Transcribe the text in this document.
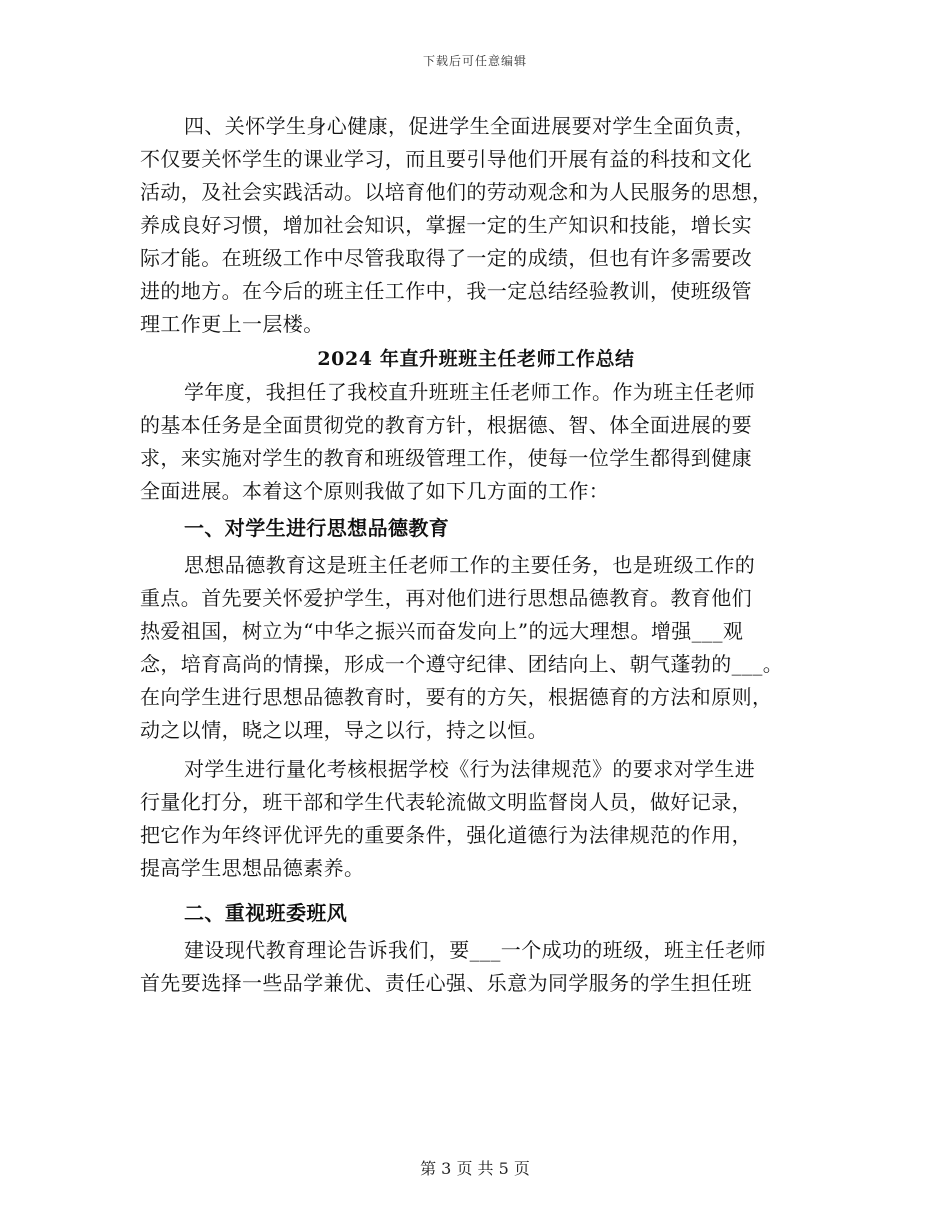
下载后可任意编辑
四、关怀学生身心健康，促进学生全面进展要对学生全面负责，
不仅要关怀学生的课业学习，而且要引导他们开展有益的科技和文化
活动，及社会实践活动。以培育他们的劳动观念和为人民服务的思想，
养成良好习惯，增加社会知识，掌握一定的生产知识和技能，增长实
际才能。在班级工作中尽管我取得了一定的成绩，但也有许多需要改
进的地方。在今后的班主任工作中，我一定总结经验教训，使班级管
理工作更上一层楼。
2024 年直升班班主任老师工作总结
学年度，我担任了我校直升班班主任老师工作。作为班主任老师
的基本任务是全面贯彻党的教育方针，根据德、智、体全面进展的要
求，来实施对学生的教育和班级管理工作，使每一位学生都得到健康
全面进展。本着这个原则我做了如下几方面的工作：
一、对学生进行思想品德教育
思想品德教育这是班主任老师工作的主要任务，也是班级工作的
重点。首先要关怀爱护学生，再对他们进行思想品德教育。教育他们
热爱祖国，树立为“中华之振兴而奋发向上”的远大理想。增强___观
念，培育高尚的情操，形成一个遵守纪律、团结向上、朝气蓬勃的___。
在向学生进行思想品德教育时，要有的方矢，根据德育的方法和原则，
动之以情，晓之以理，导之以行，持之以恒。
对学生进行量化考核根据学校《行为法律规范》的要求对学生进
行量化打分，班干部和学生代表轮流做文明监督岗人员，做好记录，
把它作为年终评优评先的重要条件，强化道德行为法律规范的作用，
提高学生思想品德素养。
二、重视班委班风
建设现代教育理论告诉我们，要___一个成功的班级，班主任老师
首先要选择一些品学兼优、责任心强、乐意为同学服务的学生担任班
第 3 页 共 5 页
